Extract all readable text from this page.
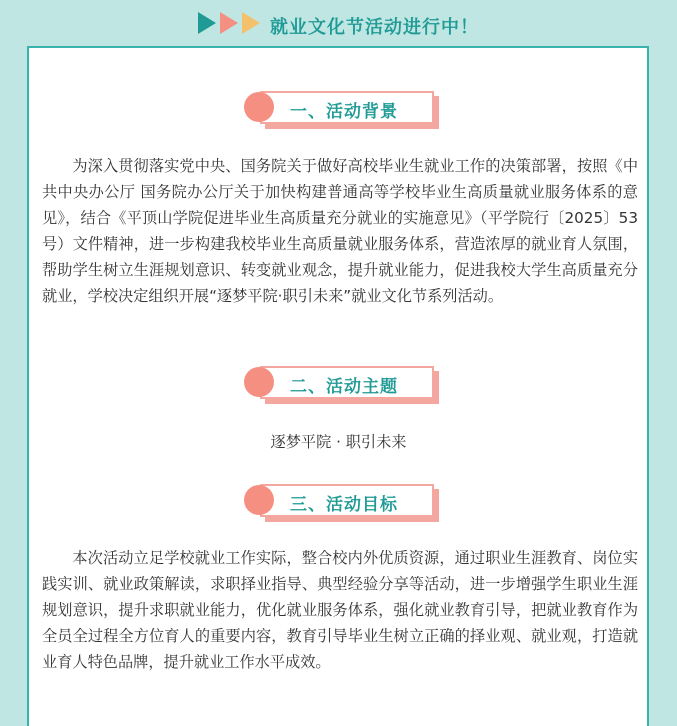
就业文化节活动进行中！
一、活动背景

为深入贯彻落实党中央、国务院关于做好高校毕业生就业工作的决策部署，按照《中共中央办公厅 国务院办公厅关于加快构建普通高等学校毕业生高质量就业服务体系的意见》，结合《平顶山学院促进毕业生高质量充分就业的实施意见》（平学院行〔2025〕53号）文件精神，进一步构建我校毕业生高质量就业服务体系，营造浓厚的就业育人氛围，帮助学生树立生涯规划意识、转变就业观念，提升就业能力，促进我校大学生高质量充分就业，学校决定组织开展“逐梦平院·职引未来”就业文化节系列活动。

二、活动主题
逐梦平院 · 职引未来
三、活动目标

本次活动立足学校就业工作实际，整合校内外优质资源，通过职业生涯教育、岗位实践实训、就业政策解读，求职择业指导、典型经验分享等活动，进一步增强学生职业生涯规划意识，提升求职就业能力，优化就业服务体系，强化就业教育引导，把就业教育作为全员全过程全方位育人的重要内容，教育引导毕业生树立正确的择业观、就业观，打造就业育人特色品牌，提升就业工作水平成效。
